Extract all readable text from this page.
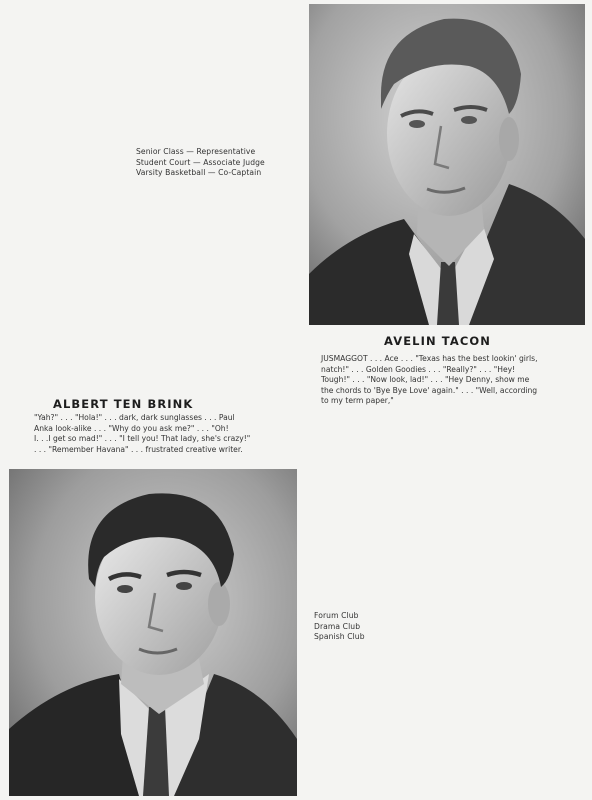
Senior Class — Representative
Student Court — Associate Judge
Varsity Basketball — Co-Captain
AVELIN TACON
JUSMAGGOT . . . Ace . . . "Texas has the best lookin' girls,
natch!" . . . Golden Goodies . . . "Really?" . . . "Hey!
Tough!" . . . "Now look, lad!" . . . "Hey Denny, show me
the chords to 'Bye Bye Love' again." . . . "Well, according
to my term paper,"
ALBERT TEN BRINK
"Yah?" . . . "Hola!" . . . dark, dark sunglasses . . . Paul
Anka look-alike . . . "Why do you ask me?" . . . "Oh!
I. . .I get so mad!" . . . "I tell you! That lady, she's crazy!"
. . . "Remember Havana" . . . frustrated creative writer.
Forum Club
Drama Club
Spanish Club
